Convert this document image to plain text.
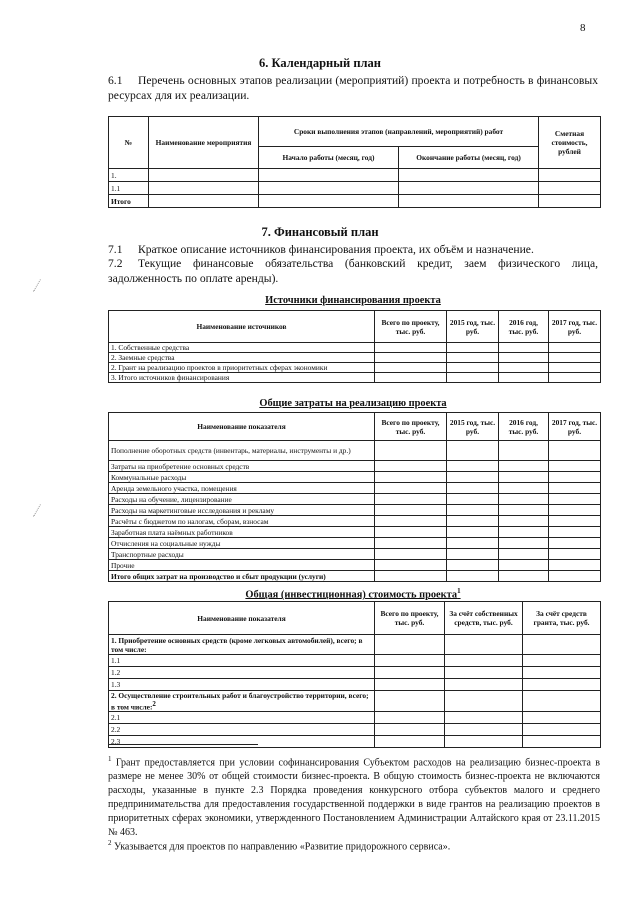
8
6. Календарный план
6.1 Перечень основных этапов реализации (мероприятий) проекта и потребность в финансовых ресурсах для их реализации.
№	Наименование мероприятия	Сроки выполнения этапов (направлений, мероприятий) работ		Сметная стоимость, рублей
		Начало работы (месяц, год)	Окончание работы (месяц, год)	
1.				
1.1				
Итого				
7. Финансовый план
7.1 Краткое описание источников финансирования проекта, их объём и назначение.
7.2 Текущие финансовые обязательства (банковский кредит, заем физического лица, задолженность по оплате аренды).
Источники финансирования проекта
Наименование источников	Всего по проекту, тыс. руб.	2015 год, тыс. руб.	2016 год, тыс. руб.	2017 год, тыс. руб.
1. Собственные средства				
2. Заемные средства				
2. Грант на реализацию проектов в приоритетных сферах экономики				
3. Итого источников финансирования				
Общие затраты на реализацию проекта
Наименование показателя	Всего по проекту, тыс. руб.	2015 год, тыс. руб.	2016 год, тыс. руб.	2017 год, тыс. руб.
Пополнение оборотных средств (инвентарь, материалы, инструменты и др.)				
Затраты на приобретение основных средств				
Коммунальные расходы				
Аренда земельного участка, помещения				
Расходы на обучение, лицензирование				
Расходы на маркетинговые исследования и рекламу				
Расчёты с бюджетом по налогам, сборам, взносам				
Заработная плата наёмных работников				
Отчисления на социальные нужды				
Транспортные расходы				
Прочие				
Итого общих затрат на производство и сбыт продукции (услуги)				
Общая (инвестиционная) стоимость проекта$^1$
Наименование показателя	Всего по проекту, тыс. руб.	За счёт собственных средств, тыс. руб.	За счёт средств гранта, тыс. руб.
1. Приобретение основных средств (кроме легковых автомобилей), всего; в том числе:			
1.1			
1.2			
1.3			
2. Осуществление строительных работ и благоустройство территории, всего; в том числе:$^2$			
2.1			
2.2			
2.3			
$^1$ Грант предоставляется при условии софинансирования Субъектом расходов на реализацию бизнес-проекта в размере не менее 30% от общей стоимости бизнес-проекта. В общую стоимость бизнес-проекта не включаются расходы, указанные в пункте 2.3 Порядка проведения конкурсного отбора субъектов малого и среднего предпринимательства для предоставления государственной поддержки в виде грантов на реализацию проектов в приоритетных сферах экономики, утвержденного Постановлением Администрации Алтайского края от 23.11.2015 № 463.
$^2$ Указывается для проектов по направлению «Развитие придорожного сервиса».
